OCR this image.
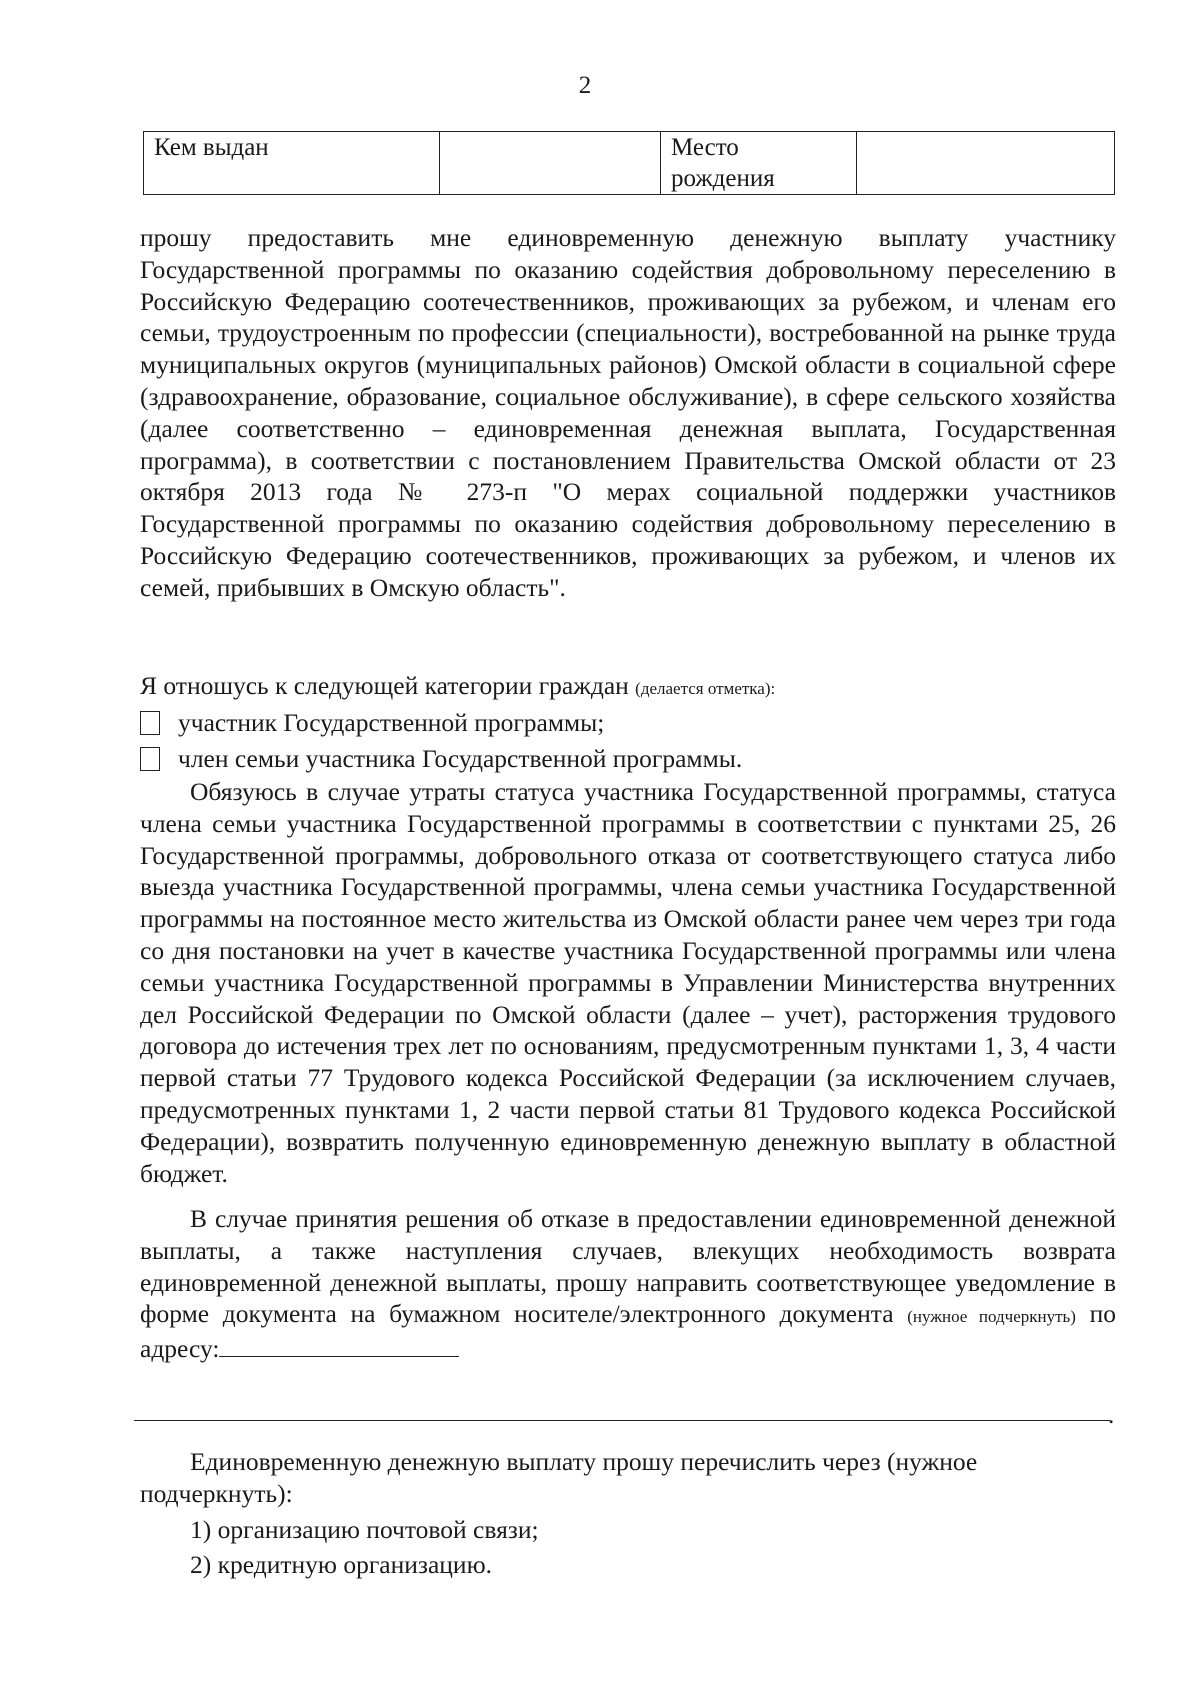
2
Кем выдан		Место рождения	

прошу предоставить мне единовременную денежную выплату участнику Государственной программы по оказанию содействия добровольному переселению в Российскую Федерацию соотечественников, проживающих за рубежом, и членам его семьи, трудоустроенным по профессии (специальности), востребованной на рынке труда муниципальных округов (муниципальных районов) Омской области в социальной сфере (здравоохранение, образование, социальное обслуживание), в сфере сельского хозяйства (далее соответственно – единовременная денежная выплата, Государственная программа), в соответствии с постановлением Правительства Омской области от 23 октября 2013 года № 273-п "О мерах социальной поддержки участников Государственной программы по оказанию содействия добровольному переселению в Российскую Федерацию соотечественников, проживающих за рубежом, и членов их семей, прибывших в Омскую область".

Я отношусь к следующей категории граждан (делается отметка):

участник Государственной программы;
член семьи участника Государственной программы.

Обязуюсь в случае утраты статуса участника Государственной программы, статуса члена семьи участника Государственной программы в соответствии с пунктами 25, 26 Государственной программы, добровольного отказа от соответствующего статуса либо выезда участника Государственной программы, члена семьи участника Государственной программы на постоянное место жительства из Омской области ранее чем через три года со дня постановки на учет в качестве участника Государственной программы или члена семьи участника Государственной программы в Управлении Министерства внутренних дел Российской Федерации по Омской области (далее – учет), расторжения трудового договора до истечения трех лет по основаниям, предусмотренным пунктами 1, 3, 4 части первой статьи 77 Трудового кодекса Российской Федерации (за исключением случаев, предусмотренных пунктами 1, 2 части первой статьи 81 Трудового кодекса Российской Федерации), возвратить полученную единовременную денежную выплату в областной бюджет.

В случае принятия решения об отказе в предоставлении единовременной денежной выплаты, а также наступления случаев, влекущих необходимость возврата единовременной денежной выплаты, прошу направить соответствующее уведомление в форме документа на бумажном носителе/электронного документа (нужное подчеркнуть) по адресу:

.

Единовременную денежную выплату прошу перечислить через (нужное подчеркнуть):

1) организацию почтовой связи;

2) кредитную организацию.
